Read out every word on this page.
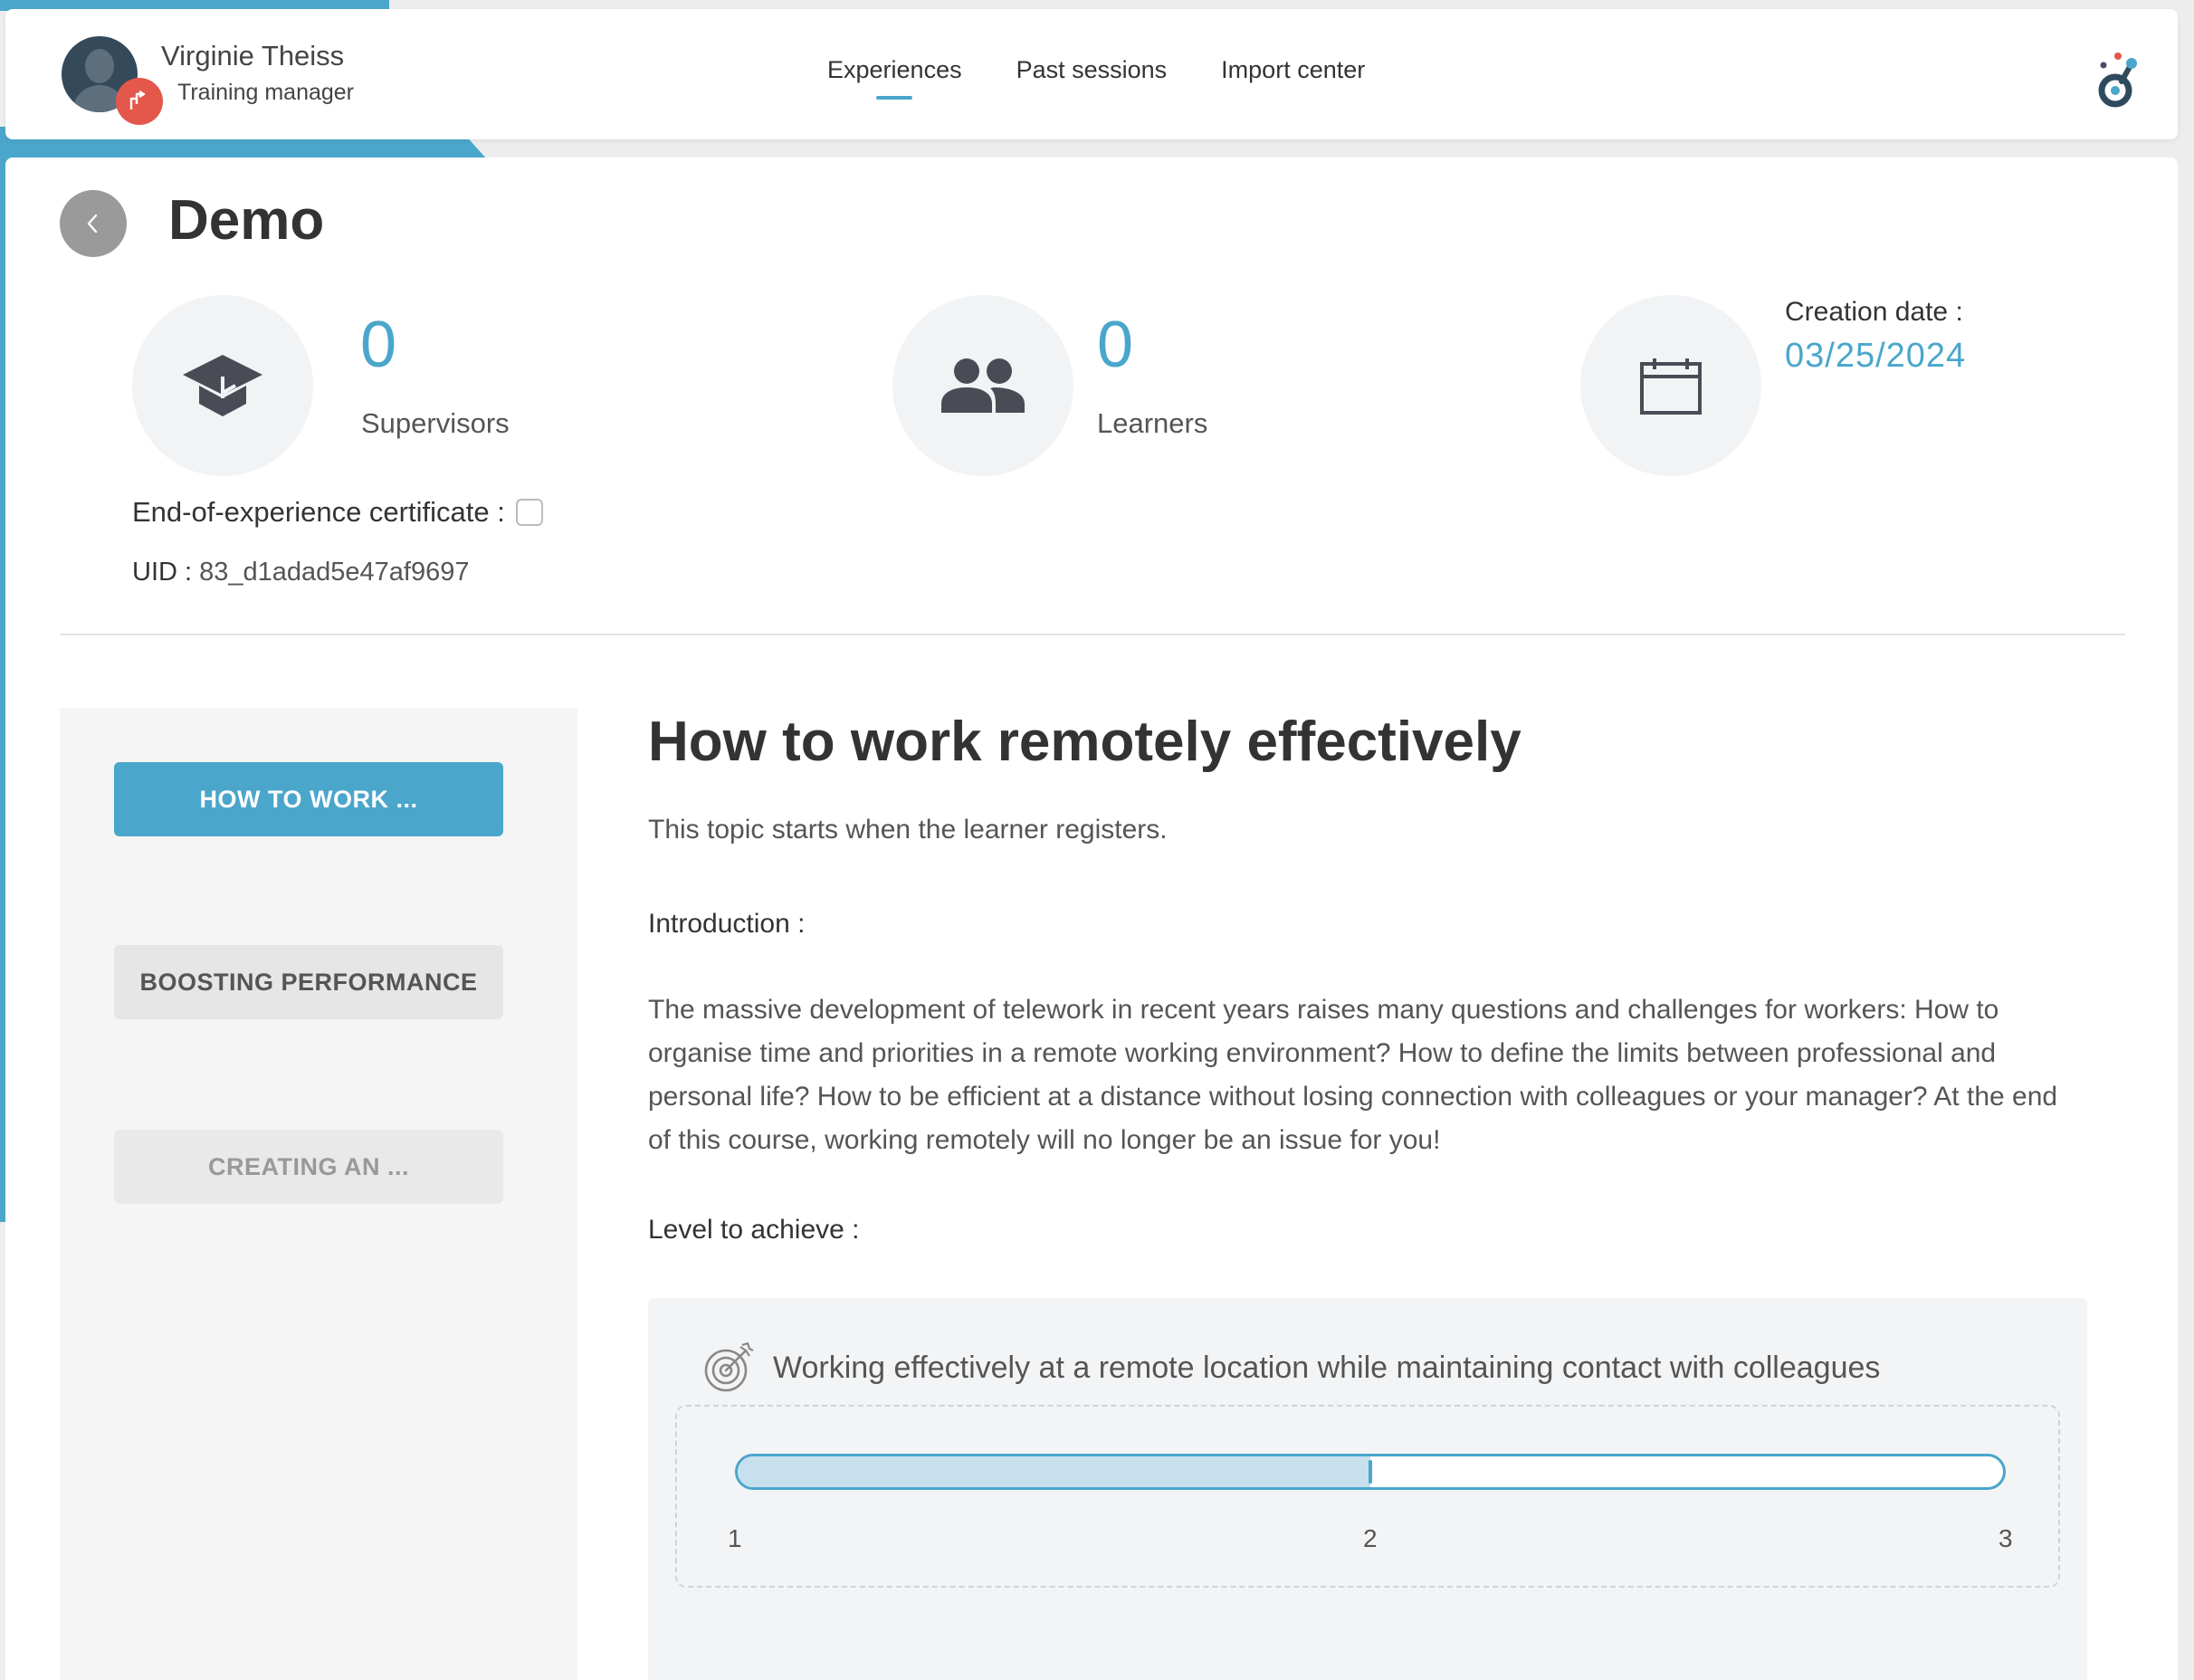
Virginie Theiss
Training manager
Experiences Past sessions Import center
Demo
0
Supervisors
0
Learners
Creation date :
03/25/2024
End-of-experience certificate :
UID : 83_d1adad5e47af9697
HOW TO WORK ...
BOOSTING PERFORMANCE
CREATING AN ...
How to work remotely effectively

This topic starts when the learner registers.

Introduction :

The massive development of telework in recent years raises many questions and challenges for workers: How to organise time and priorities in a remote working environment? How to define the limits between professional and personal life? How to be efficient at a distance without losing connection with colleagues or your manager? At the end of this course, working remotely will no longer be an issue for you!

Level to achieve :
Working effectively at a remote location while maintaining contact with colleagues
1	2	3
